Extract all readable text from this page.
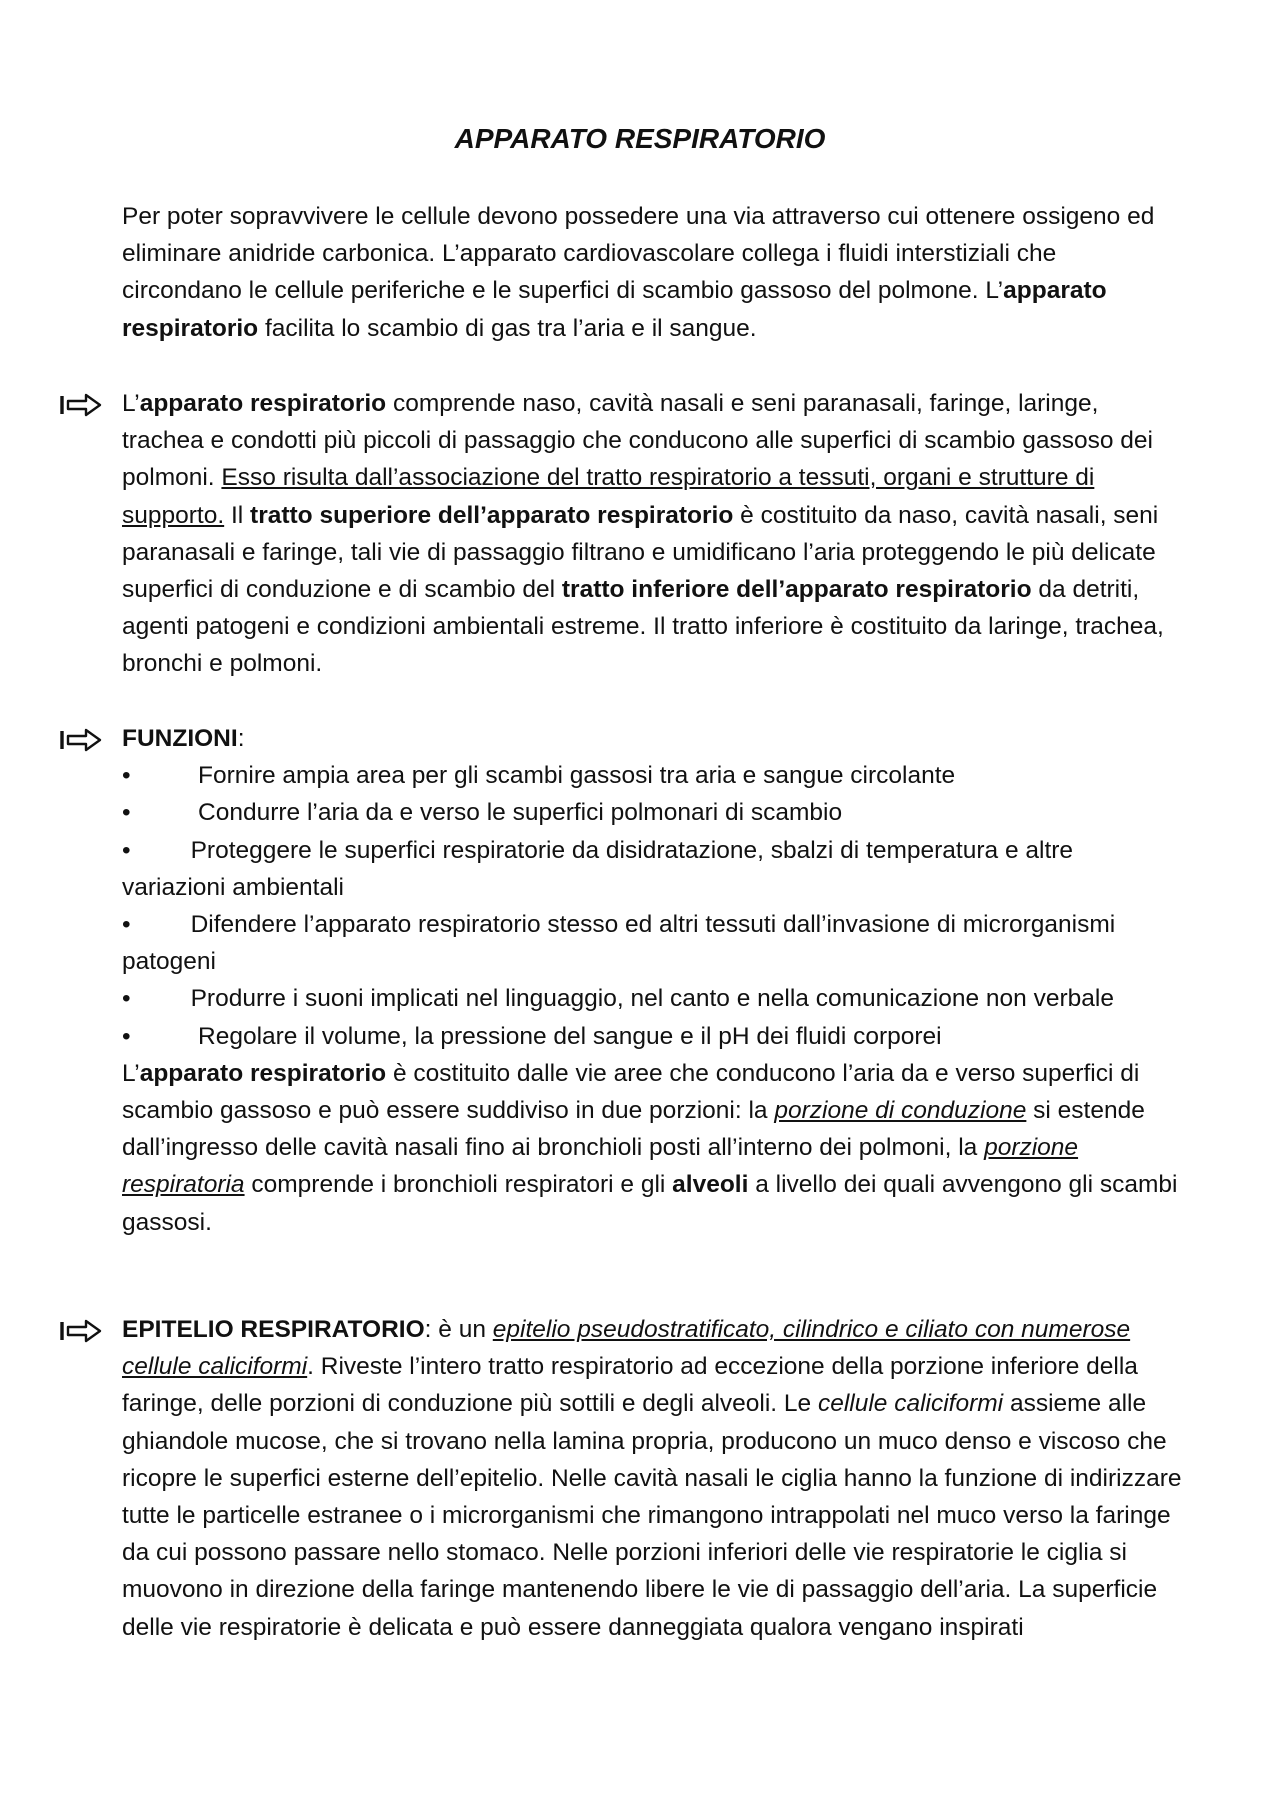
APPARATO RESPIRATORIO

Per poter sopravvivere le cellule devono possedere una via attraverso cui ottenere ossigeno ed eliminare anidride carbonica. L’apparato cardiovascolare collega i fluidi interstiziali che circondano le cellule periferiche e le superfici di scambio gassoso del polmone. L’apparato respiratorio facilita lo scambio di gas tra l’aria e il sangue.

L’apparato respiratorio comprende naso, cavità nasali e seni paranasali, faringe, laringe, trachea e condotti più piccoli di passaggio che conducono alle superfici di scambio gassoso dei polmoni. Esso risulta dall’associazione del tratto respiratorio a tessuti, organi e strutture di supporto. Il tratto superiore dell’apparato respiratorio è costituito da naso, cavità nasali, seni paranasali e faringe, tali vie di passaggio filtrano e umidificano l’aria proteggendo le più delicate superfici di conduzione e di scambio del tratto inferiore dell’apparato respiratorio da detriti, agenti patogeni e condizioni ambientali estreme. Il tratto inferiore è costituito da laringe, trachea, bronchi e polmoni.

FUNZIONI:

•	Fornire ampia area per gli scambi gassosi tra aria e sangue circolante
•	Condurre l’aria da e verso le superfici polmonari di scambio

• Proteggere le superfici respiratorie da disidratazione, sbalzi di temperatura e altre variazioni ambientali

• Difendere l’apparato respiratorio stesso ed altri tessuti dall’invasione di microrganismi patogeni

• Produrre i suoni implicati nel linguaggio, nel canto e nella comunicazione non verbale

•	Regolare il volume, la pressione del sangue e il pH dei fluidi corporei

L’apparato respiratorio è costituito dalle vie aree che conducono l’aria da e verso superfici di scambio gassoso e può essere suddiviso in due porzioni: la porzione di conduzione si estende dall’ingresso delle cavità nasali fino ai bronchioli posti all’interno dei polmoni, la porzione respiratoria comprende i bronchioli respiratori e gli alveoli a livello dei quali avvengono gli scambi gassosi.

EPITELIO RESPIRATORIO: è un epitelio pseudostratificato, cilindrico e ciliato con numerose cellule caliciformi. Riveste l’intero tratto respiratorio ad eccezione della porzione inferiore della faringe, delle porzioni di conduzione più sottili e degli alveoli. Le cellule caliciformi assieme alle ghiandole mucose, che si trovano nella lamina propria, producono un muco denso e viscoso che ricopre le superfici esterne dell’epitelio. Nelle cavità nasali le ciglia hanno la funzione di indirizzare tutte le particelle estranee o i microrganismi che rimangono intrappolati nel muco verso la faringe da cui possono passare nello stomaco. Nelle porzioni inferiori delle vie respiratorie le ciglia si muovono in direzione della faringe mantenendo libere le vie di passaggio dell’aria. La superficie delle vie respiratorie è delicata e può essere danneggiata qualora vengano inspirati
